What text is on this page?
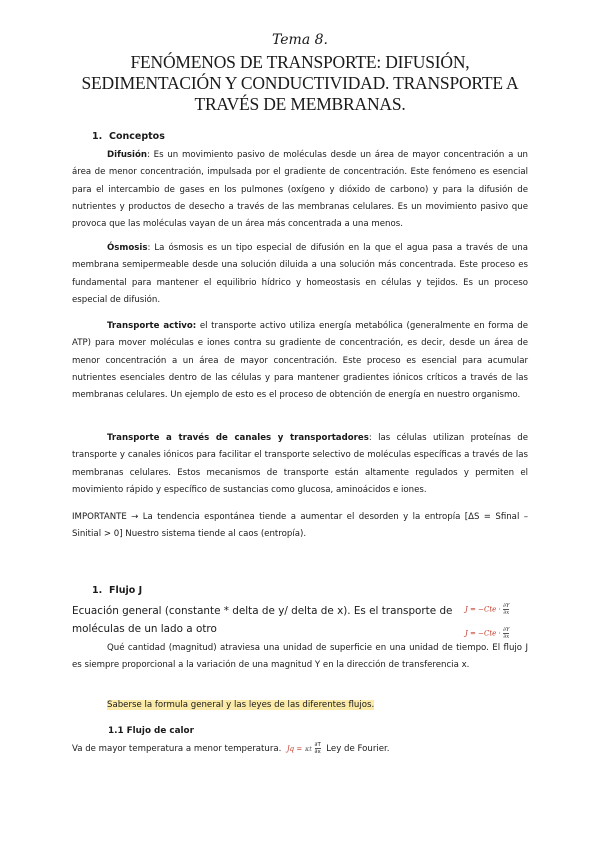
Tema 8.
FENÓMENOS DE TRANSPORTE: DIFUSIÓN, SEDIMENTACIÓN Y CONDUCTIVIDAD. TRANSPORTE A TRAVÉS DE MEMBRANAS.
1. Conceptos
Difusión: Es un movimiento pasivo de moléculas desde un área de mayor concentración a un área de menor concentración, impulsada por el gradiente de concentración. Este fenómeno es esencial para el intercambio de gases en los pulmones (oxígeno y dióxido de carbono) y para la difusión de nutrientes y productos de desecho a través de las membranas celulares. Es un movimiento pasivo que provoca que las moléculas vayan de un área más concentrada a una menos.
Ósmosis: La ósmosis es un tipo especial de difusión en la que el agua pasa a través de una membrana semipermeable desde una solución diluida a una solución más concentrada. Este proceso es fundamental para mantener el equilibrio hídrico y homeostasis en células y tejidos. Es un proceso especial de difusión.
Transporte activo: el transporte activo utiliza energía metabólica (generalmente en forma de ATP) para mover moléculas e iones contra su gradiente de concentración, es decir, desde un área de menor concentración a un área de mayor concentración. Este proceso es esencial para acumular nutrientes esenciales dentro de las células y para mantener gradientes iónicos críticos a través de las membranas celulares. Un ejemplo de esto es el proceso de obtención de energía en nuestro organismo.
Transporte a través de canales y transportadores: las células utilizan proteínas de transporte y canales iónicos para facilitar el transporte selectivo de moléculas específicas a través de las membranas celulares. Estos mecanismos de transporte están altamente regulados y permiten el movimiento rápido y específico de sustancias como glucosa, aminoácidos e iones.
IMPORTANTE → La tendencia espontánea tiende a aumentar el desorden y la entropía [ΔS = Sfinal – Sinitial > 0] Nuestro sistema tiende al caos (entropía).
1. Flujo J
Ecuación general (constante * delta de y/ delta de x). Es el transporte de moléculas de un lado a otro
$J = -Cte \cdot \frac{\partial Y}{\partial x}$
$J = -Cte \cdot \frac{\partial Y}{\partial x}$
Qué cantidad (magnitud) atraviesa una unidad de superficie en una unidad de tiempo. El flujo J es siempre proporcional a la variación de una magnitud Y en la dirección de transferencia x.
Saberse la formula general y las leyes de las diferentes flujos.
1.1 Flujo de calor
Va de mayor temperatura a menor temperatura. Jq = κt $\frac{\partial T}{\partial x}$ Ley de Fourier.
